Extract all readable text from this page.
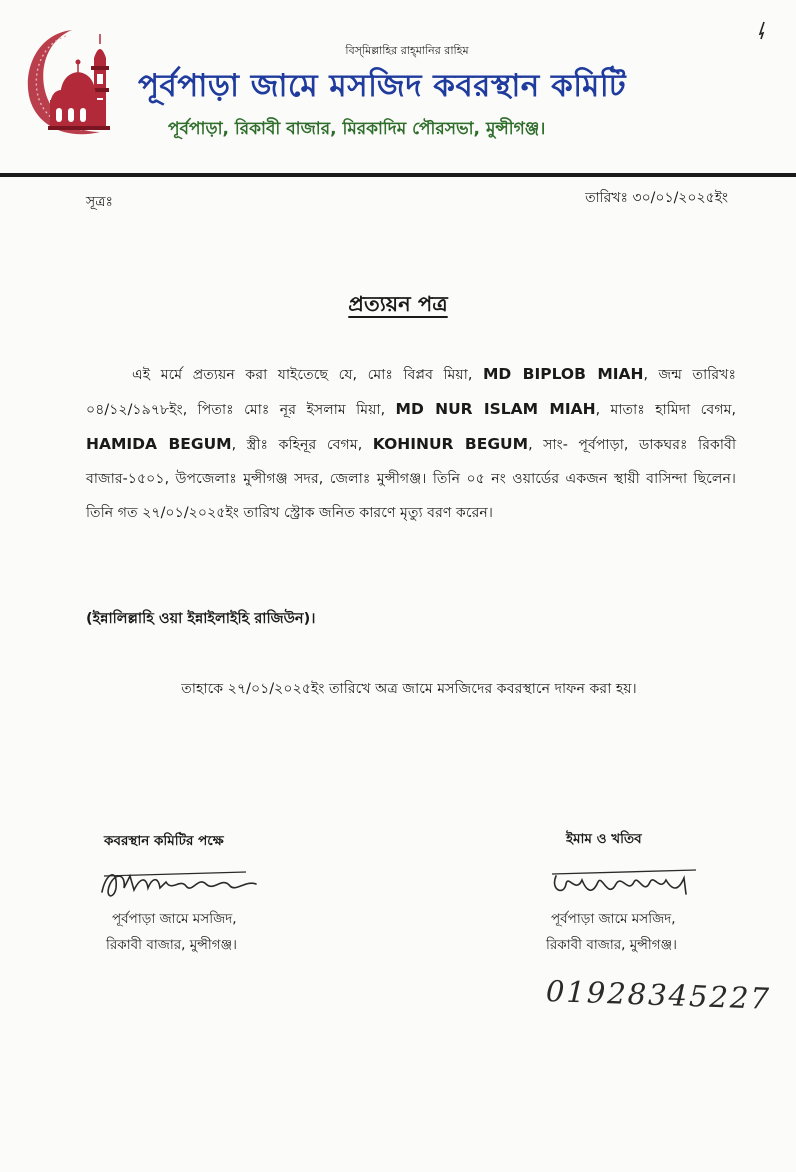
বিস্‌মিল্লাহির রাহ্‌মানির রাহিম
পূর্বপাড়া জামে মসজিদ কবরস্থান কমিটি
পূর্বপাড়া, রিকাবী বাজার, মিরকাদিম পৌরসভা, মুন্সীগঞ্জ।
সূত্রঃ	তারিখঃ ৩০/০১/২০২৫ইং
প্রত্যয়ন পত্র
এই মর্মে প্রত্যয়ন করা যাইতেছে যে, মোঃ বিপ্লব মিয়া, MD BIPLOB MIAH, জন্ম তারিখঃ ০৪/১২/১৯৭৮ইং, পিতাঃ মোঃ নূর ইসলাম মিয়া, MD NUR ISLAM MIAH, মাতাঃ হামিদা বেগম, HAMIDA BEGUM, স্ত্রীঃ কহিনূর বেগম, KOHINUR BEGUM, সাং- পূর্বপাড়া, ডাকঘরঃ রিকাবী বাজার-১৫০১, উপজেলাঃ মুন্সীগঞ্জ সদর, জেলাঃ মুন্সীগঞ্জ। তিনি ০৫ নং ওয়ার্ডের একজন স্থায়ী বাসিন্দা ছিলেন। তিনি গত ২৭/০১/২০২৫ইং তারিখ স্ট্রোক জনিত কারণে মৃত্যু বরণ করেন।
(ইন্নালিল্লাহি ওয়া ইন্নাইলাইহি রাজিউন)।
তাহাকে ২৭/০১/২০২৫ইং তারিখে অত্র জামে মসজিদের কবরস্থানে দাফন করা হয়।
কবরস্থান কমিটির পক্ষে
পূর্বপাড়া জামে মসজিদ,
রিকাবী বাজার, মুন্সীগঞ্জ।
ইমাম ও খতিব
পূর্বপাড়া জামে মসজিদ,
রিকাবী বাজার, মুন্সীগঞ্জ।
01928345227
